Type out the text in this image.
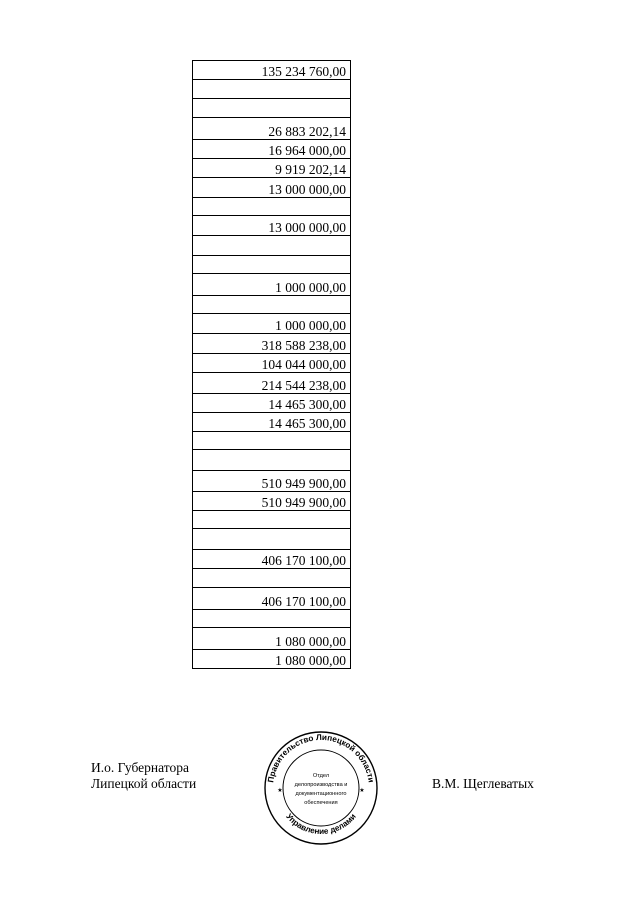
135 234 760,00

26 883 202,14
16 964 000,00
9 919 202,14
13 000 000,00

13 000 000,00

1 000 000,00

1 000 000,00
318 588 238,00
104 044 000,00
214 544 238,00
14 465 300,00
14 465 300,00

510 949 900,00
510 949 900,00

406 170 100,00

406 170 100,00

1 080 000,00
1 080 000,00
И.о. Губернатора
Липецкой области	В.М. Щеглеватых
Правительство Липецкой области
Управление делами
★	★
Отдел
делопроизводства и
документационного
обеспечения
